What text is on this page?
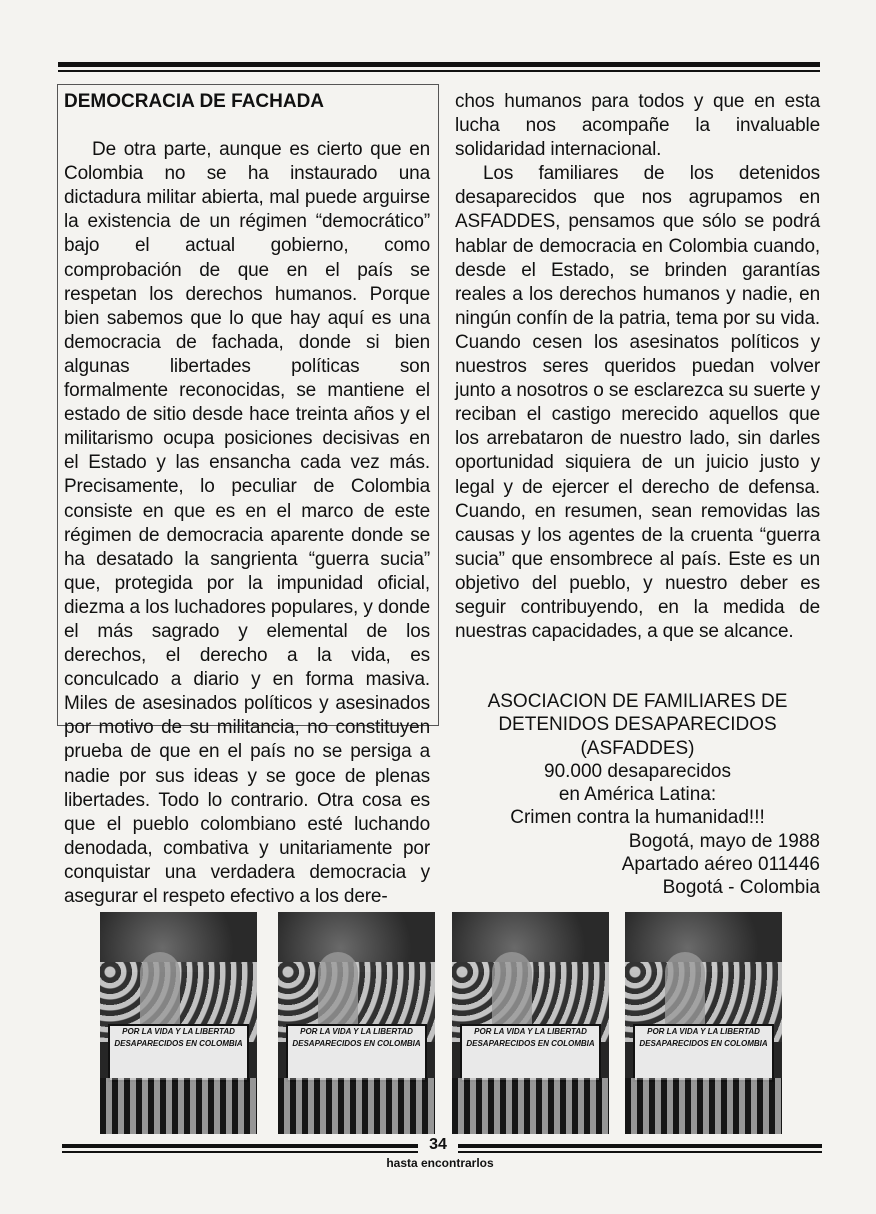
DEMOCRACIA DE FACHADA

De otra parte, aunque es cierto que en Colombia no se ha instaurado una dictadura militar abierta, mal puede arguirse la existencia de un régimen “democrático” bajo el actual gobierno, como comprobación de que en el país se respetan los derechos humanos. Porque bien sabemos que lo que hay aquí es una democracia de fachada, donde si bien algunas libertades políticas son formalmente reconocidas, se mantiene el estado de sitio desde hace treinta años y el militarismo ocupa posiciones decisivas en el Estado y las ensancha cada vez más. Precisamente, lo peculiar de Colombia consiste en que es en el marco de este régimen de democracia aparente donde se ha desatado la sangrienta “guerra sucia” que, protegida por la impunidad oficial, diezma a los luchadores populares, y donde el más sagrado y elemental de los derechos, el derecho a la vida, es conculcado a diario y en forma masiva. Miles de asesinados políticos y asesinados por motivo de su militancia, no constituyen prueba de que en el país no se persiga a nadie por sus ideas y se goce de plenas libertades. Todo lo contrario. Otra cosa es que el pueblo colombiano esté luchando denodada, combativa y unitariamente por conquistar una verdadera democracia y asegurar el respeto efectivo a los dere-

chos humanos para todos y que en esta lucha nos acompañe la invaluable solidaridad internacional.

Los familiares de los detenidos desaparecidos que nos agrupamos en ASFADDES, pensamos que sólo se podrá hablar de democracia en Colombia cuando, desde el Estado, se brinden garantías reales a los derechos humanos y nadie, en ningún confín de la patria, tema por su vida. Cuando cesen los asesinatos políticos y nuestros seres queridos puedan volver junto a nosotros o se esclarezca su suerte y reciban el castigo merecido aquellos que los arrebataron de nuestro lado, sin darles oportunidad siquiera de un juicio justo y legal y de ejercer el derecho de defensa. Cuando, en resumen, sean removidas las causas y los agentes de la cruenta “guerra sucia” que ensombrece al país. Este es un objetivo del pueblo, y nuestro deber es seguir contribuyendo, en la medida de nuestras capacidades, a que se alcance.

ASOCIACION DE FAMILIARES DE
DETENIDOS DESAPARECIDOS
(ASFADDES)
90.000 desaparecidos
en América Latina:
Crimen contra la humanidad!!!
Bogotá, mayo de 1988
Apartado aéreo 011446
Bogotá - Colombia
POR LA VIDA Y LA LIBERTAD
DESAPARECIDOS EN COLOMBIA
POR LA VIDA Y LA LIBERTAD
DESAPARECIDOS EN COLOMBIA
POR LA VIDA Y LA LIBERTAD
DESAPARECIDOS EN COLOMBIA
POR LA VIDA Y LA LIBERTAD
DESAPARECIDOS EN COLOMBIA
34
hasta encontrarlos
